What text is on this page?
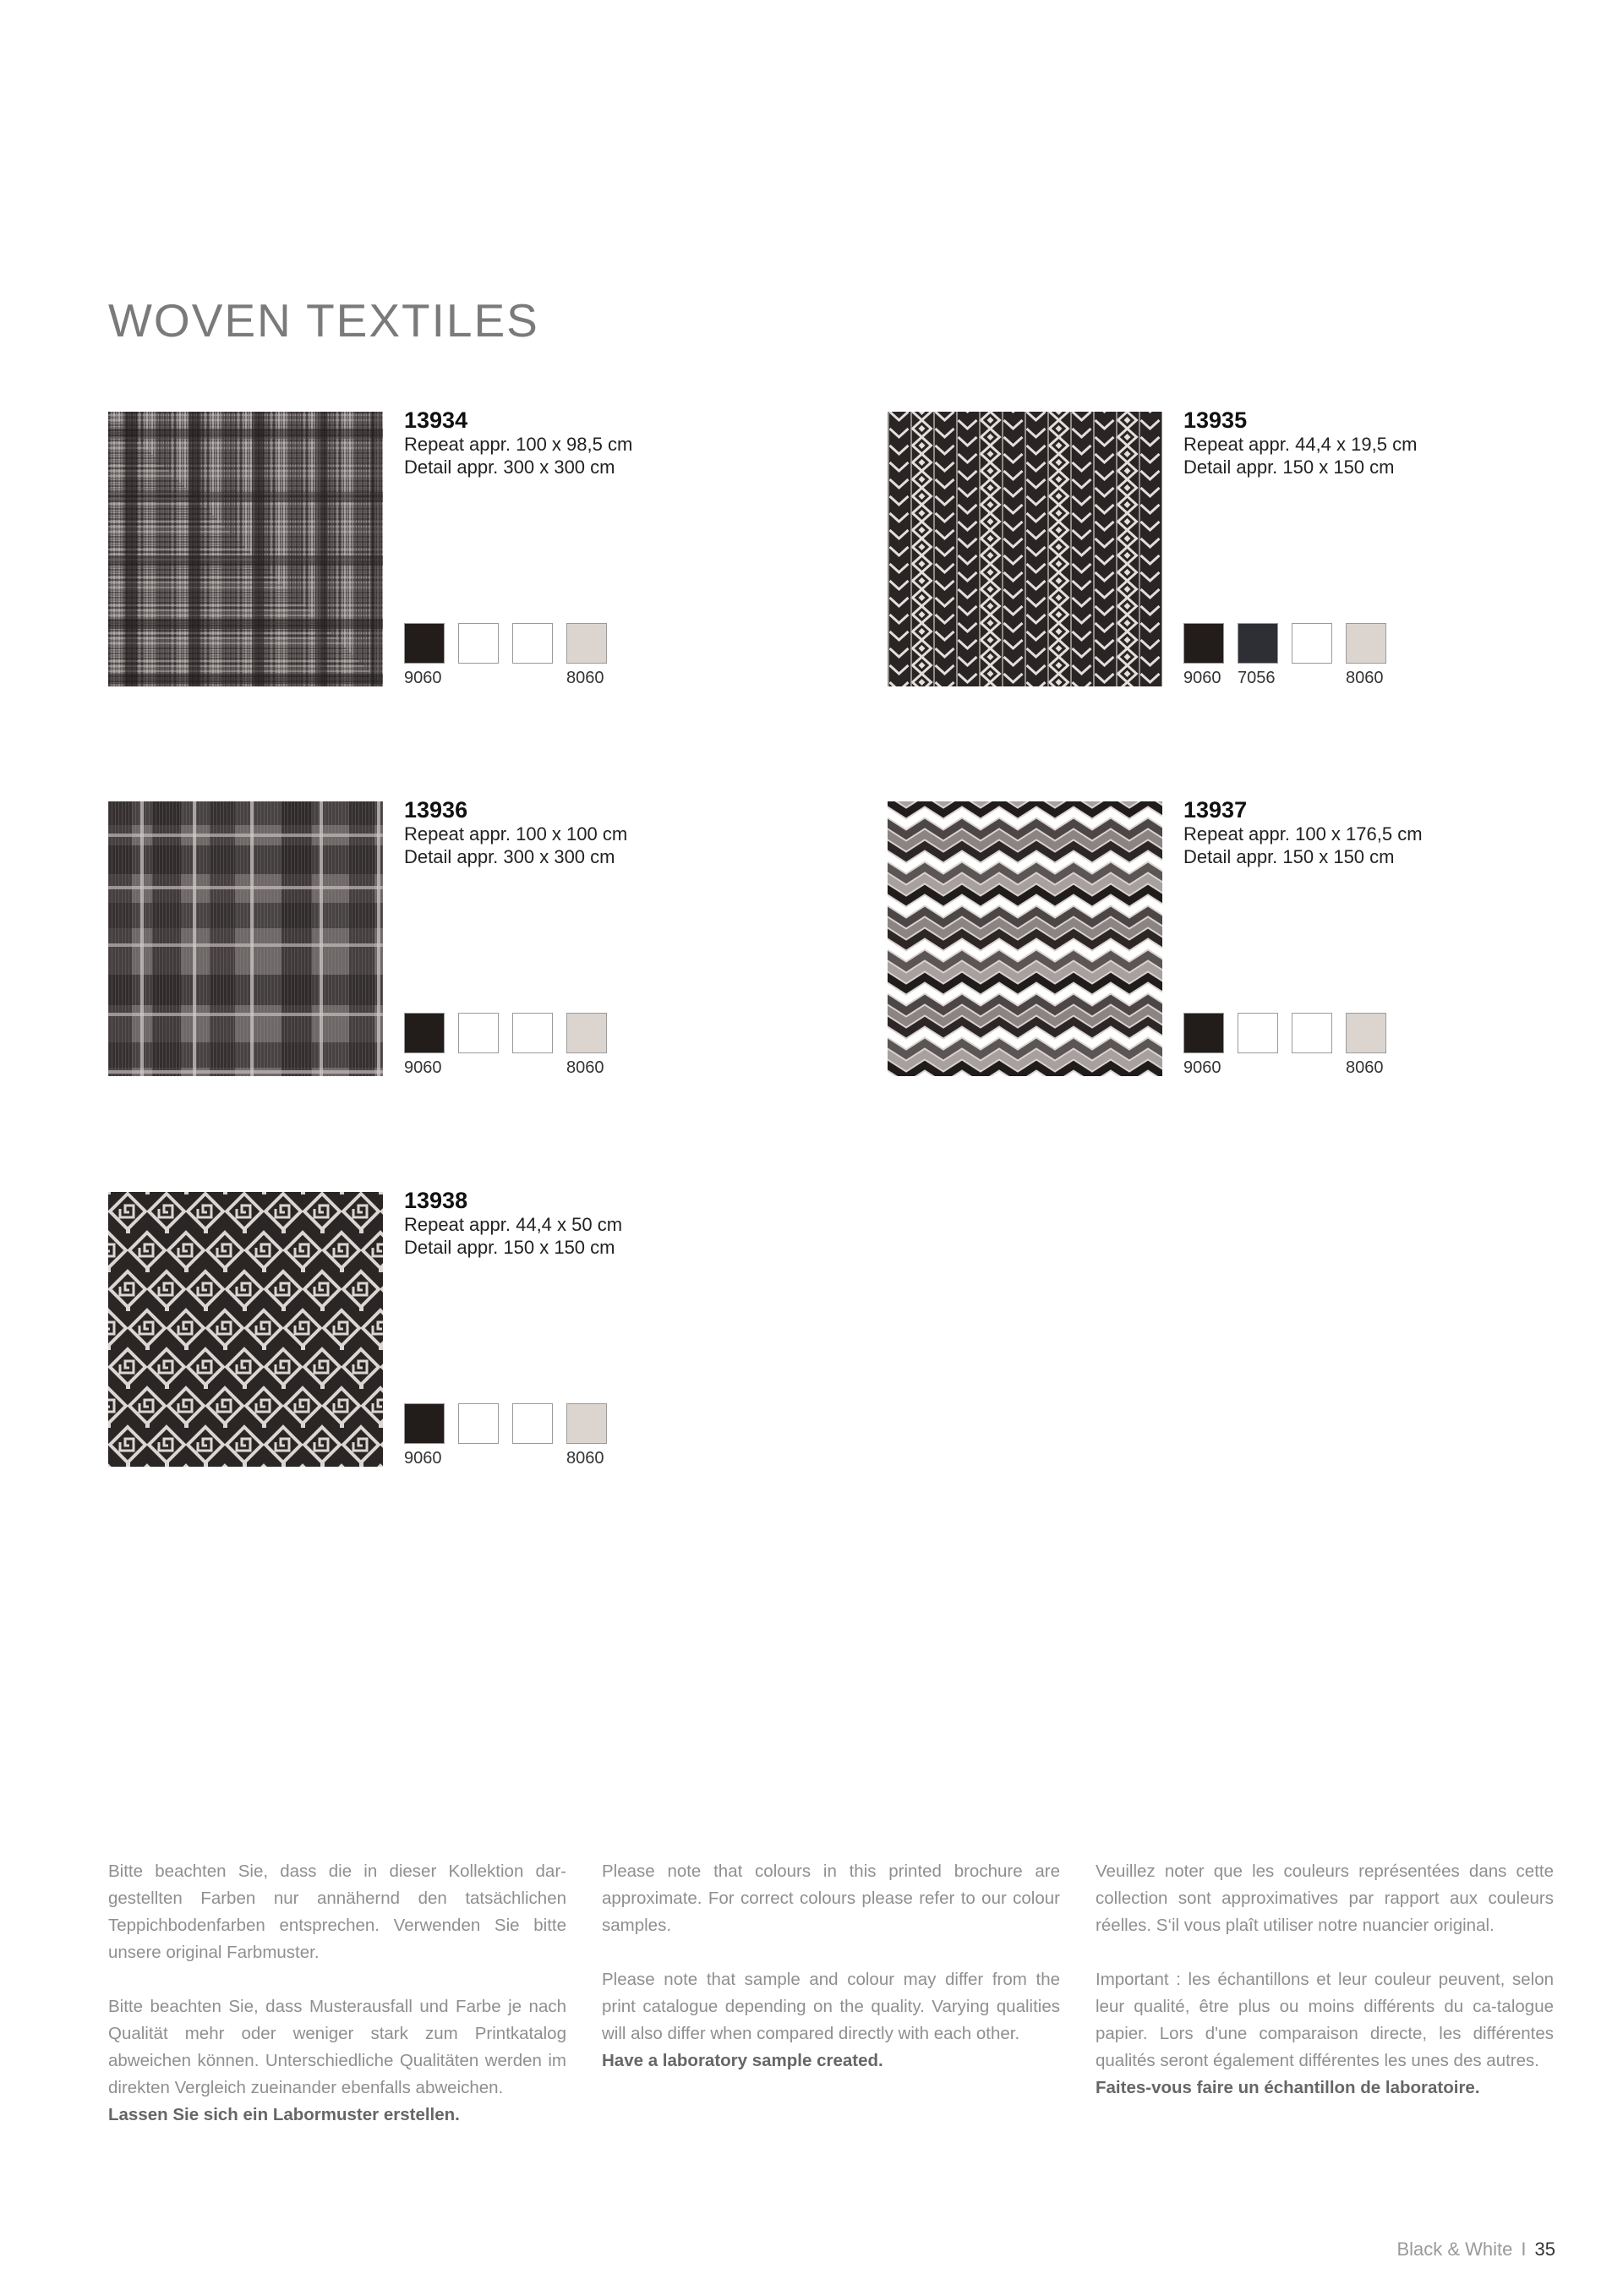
WOVEN TEXTILES
13934
Repeat appr. 100 x 98,5 cm
Detail appr. 300 x 300 cm
9060	8060
13935
Repeat appr. 44,4 x 19,5 cm
Detail appr. 150 x 150 cm
9060 7056	8060
13936
Repeat appr. 100 x 100 cm
Detail appr. 300 x 300 cm
9060	8060
13937
Repeat appr. 100 x 176,5 cm
Detail appr. 150 x 150 cm
9060	8060
13938
Repeat appr. 44,4 x 50 cm
Detail appr. 150 x 150 cm
9060	8060

Bitte beachten Sie, dass die in dieser Kollektion dar-gestellten Farben nur annähernd den tatsächlichen Teppichbodenfarben entsprechen. Verwenden Sie bitte unsere original Farbmuster.

Bitte beachten Sie, dass Musterausfall und Farbe je nach Qualität mehr oder weniger stark zum Printkatalog abweichen können. Unterschiedliche Qualitäten werden im direkten Vergleich zueinander ebenfalls abweichen.

Lassen Sie sich ein Labormuster erstellen.

Please note that colours in this printed brochure are approximate. For correct colours please refer to our colour samples.

Please note that sample and colour may differ from the print catalogue depending on the quality. Varying qualities will also differ when compared directly with each other.

Have a laboratory sample created.

Veuillez noter que les couleurs représentées dans cette collection sont approximatives par rapport aux couleurs réelles. S‘il vous plaît utiliser notre nuancier original.

Important : les échantillons et leur couleur peuvent, selon leur qualité, être plus ou moins différents du ca-talogue papier. Lors d'une comparaison directe, les différentes qualités seront également différentes les unes des autres.

Faites-vous faire un échantillon de laboratoire.

Black & White I 35
